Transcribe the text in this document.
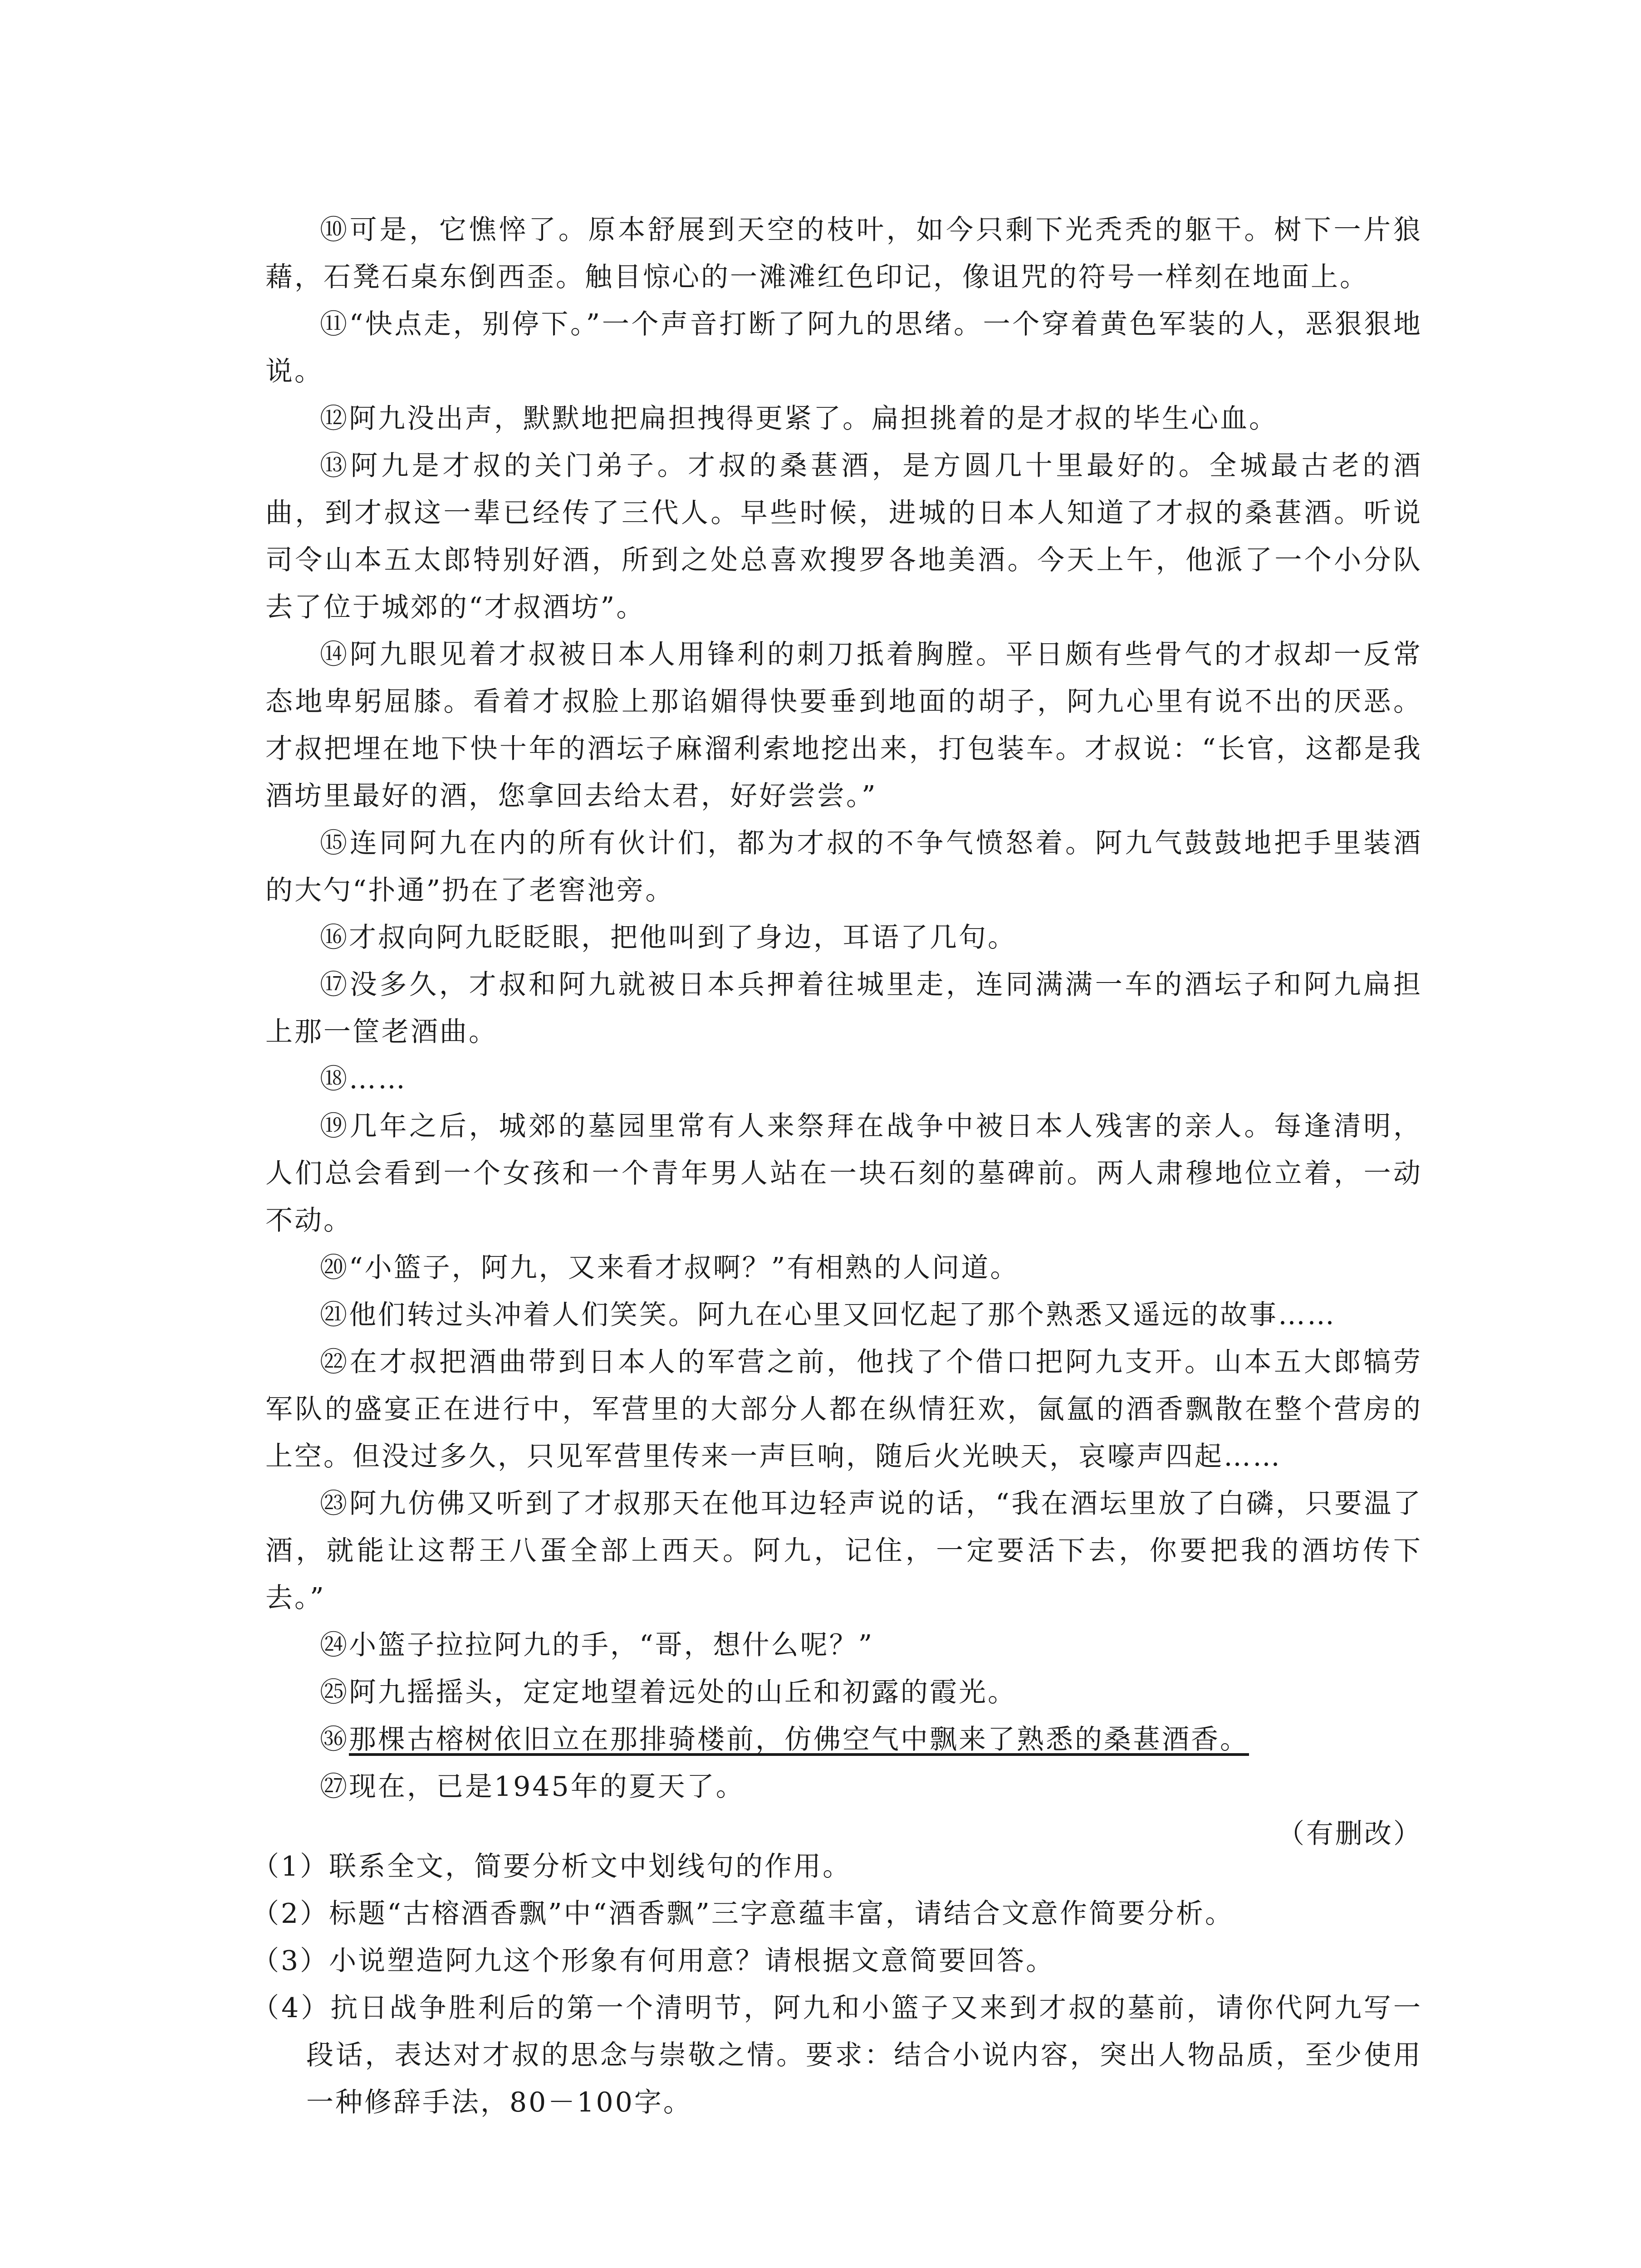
⑩可是，它憔悴了。原本舒展到天空的枝叶，如今只剩下光秃秃的躯干。树下一片狼藉，石凳石桌东倒西歪。触目惊心的一滩滩红色印记，像诅咒的符号一样刻在地面上。

⑪“快点走，别停下。”一个声音打断了阿九的思绪。一个穿着黄色军装的人，恶狠狠地说。

⑫阿九没出声，默默地把扁担拽得更紧了。扁担挑着的是才叔的毕生心血。

⑬阿九是才叔的关门弟子。才叔的桑葚酒，是方圆几十里最好的。全城最古老的酒曲，到才叔这一辈已经传了三代人。早些时候，进城的日本人知道了才叔的桑葚酒。听说司令山本五太郎特别好酒，所到之处总喜欢搜罗各地美酒。今天上午，他派了一个小分队去了位于城郊的“才叔酒坊”。

⑭阿九眼见着才叔被日本人用锋利的刺刀抵着胸膛。平日颇有些骨气的才叔却一反常态地卑躬屈膝。看着才叔脸上那谄媚得快要垂到地面的胡子，阿九心里有说不出的厌恶。才叔把埋在地下快十年的酒坛子麻溜利索地挖出来，打包装车。才叔说：“长官，这都是我酒坊里最好的酒，您拿回去给太君，好好尝尝。”

⑮连同阿九在内的所有伙计们，都为才叔的不争气愤怒着。阿九气鼓鼓地把手里装酒的大勺“扑通”扔在了老窖池旁。

⑯才叔向阿九眨眨眼，把他叫到了身边，耳语了几句。

⑰没多久，才叔和阿九就被日本兵押着往城里走，连同满满一车的酒坛子和阿九扁担上那一筐老酒曲。

⑱……

⑲几年之后，城郊的墓园里常有人来祭拜在战争中被日本人残害的亲人。每逢清明，人们总会看到一个女孩和一个青年男人站在一块石刻的墓碑前。两人肃穆地位立着，一动不动。

⑳“小篮子，阿九，又来看才叔啊？”有相熟的人问道。

㉑他们转过头冲着人们笑笑。阿九在心里又回忆起了那个熟悉又遥远的故事……

㉒在才叔把酒曲带到日本人的军营之前，他找了个借口把阿九支开。山本五大郎犒劳军队的盛宴正在进行中，军营里的大部分人都在纵情狂欢，氤氲的酒香飘散在整个营房的上空。但没过多久，只见军营里传来一声巨响，随后火光映天，哀嚎声四起……

㉓阿九仿佛又听到了才叔那天在他耳边轻声说的话，“我在酒坛里放了白磷，只要温了酒，就能让这帮王八蛋全部上西天。阿九，记住，一定要活下去，你要把我的酒坊传下去。”

㉔小篮子拉拉阿九的手，“哥，想什么呢？”

㉕阿九摇摇头，定定地望着远处的山丘和初露的霞光。

㊱那棵古榕树依旧立在那排骑楼前，仿佛空气中飘来了熟悉的桑葚酒香。

㉗现在，已是1945年的夏天了。

（有删改）

（1）联系全文，简要分析文中划线句的作用。

（2）标题“古榕酒香飘”中“酒香飘”三字意蕴丰富，请结合文意作简要分析。

（3）小说塑造阿九这个形象有何用意？请根据文意简要回答。

（4）抗日战争胜利后的第一个清明节，阿九和小篮子又来到才叔的墓前，请你代阿九写一段话，表达对才叔的思念与崇敬之情。要求：结合小说内容，突出人物品质，至少使用一种修辞手法，80－100字。
